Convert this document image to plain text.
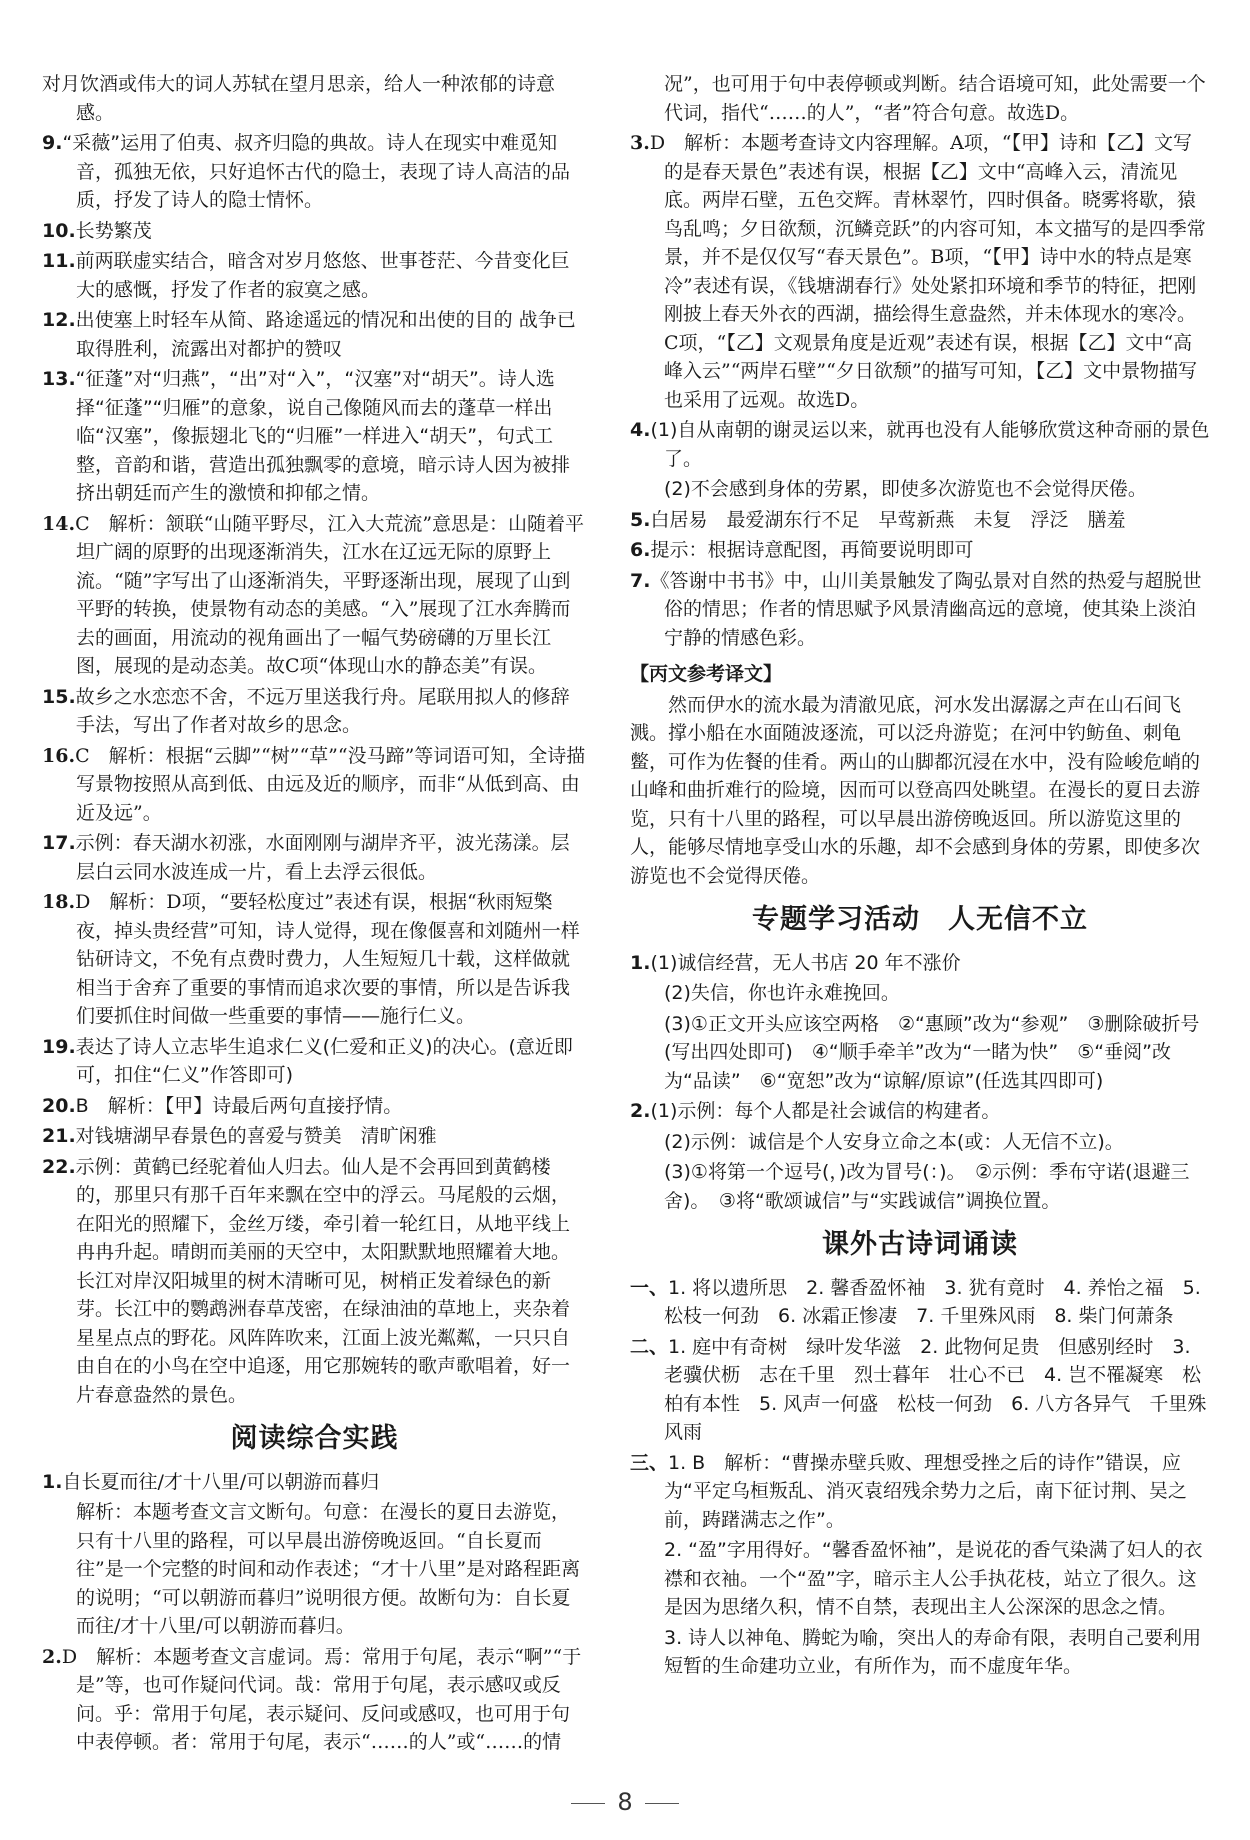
对月饮酒或伟大的词人苏轼在望月思亲，给人一种浓郁的诗意感。
9.“采薇”运用了伯夷、叔齐归隐的典故。诗人在现实中难觅知音，孤独无依，只好追怀古代的隐士，表现了诗人高洁的品质，抒发了诗人的隐士情怀。
10.长势繁茂
11.前两联虚实结合，暗含对岁月悠悠、世事苍茫、今昔变化巨大的感慨，抒发了作者的寂寞之感。
12.出使塞上时轻车从简、路途遥远的情况和出使的目的 战争已取得胜利，流露出对都护的赞叹
13.“征蓬”对“归燕”，“出”对“入”，“汉塞”对“胡天”。诗人选择“征蓬”“归雁”的意象，说自己像随风而去的蓬草一样出临“汉塞”，像振翅北飞的“归雁”一样进入“胡天”，句式工整，音韵和谐，营造出孤独飘零的意境，暗示诗人因为被排挤出朝廷而产生的激愤和抑郁之情。
14.C　解析：颔联“山随平野尽，江入大荒流”意思是：山随着平坦广阔的原野的出现逐渐消失，江水在辽远无际的原野上流。“随”字写出了山逐渐消失，平野逐渐出现，展现了山到平野的转换，使景物有动态的美感。“入”展现了江水奔腾而去的画面，用流动的视角画出了一幅气势磅礴的万里长江图，展现的是动态美。故C项“体现山水的静态美”有误。
15.故乡之水恋恋不舍，不远万里送我行舟。尾联用拟人的修辞手法，写出了作者对故乡的思念。
16.C　解析：根据“云脚”“树”“草”“没马蹄”等词语可知，全诗描写景物按照从高到低、由远及近的顺序，而非“从低到高、由近及远”。
17.示例：春天湖水初涨，水面刚刚与湖岸齐平，波光荡漾。层层白云同水波连成一片，看上去浮云很低。
18.D　解析：D项，“要轻松度过”表述有误，根据“秋雨短檠夜，掉头贵经营”可知，诗人觉得，现在像偃喜和刘随州一样钻研诗文，不免有点费时费力，人生短短几十载，这样做就相当于舍弃了重要的事情而追求次要的事情，所以是告诉我们要抓住时间做一些重要的事情——施行仁义。
19.表达了诗人立志毕生追求仁义(仁爱和正义)的决心。(意近即可，扣住“仁义”作答即可)
20.B　解析：【甲】诗最后两句直接抒情。
21.对钱塘湖早春景色的喜爱与赞美　清旷闲雅
22.示例：黄鹤已经驼着仙人归去。仙人是不会再回到黄鹤楼的，那里只有那千百年来飘在空中的浮云。马尾般的云烟，在阳光的照耀下，金丝万缕，牵引着一轮红日，从地平线上冉冉升起。晴朗而美丽的天空中，太阳默默地照耀着大地。长江对岸汉阳城里的树木清晰可见，树梢正发着绿色的新芽。长江中的鹦鹉洲春草茂密，在绿油油的草地上，夹杂着星星点点的野花。风阵阵吹来，江面上波光粼粼，一只只自由自在的小鸟在空中追逐，用它那婉转的歌声歌唱着，好一片春意盎然的景色。
阅读综合实践
1.自长夏而往/才十八里/可以朝游而暮归
解析：本题考查文言文断句。句意：在漫长的夏日去游览，只有十八里的路程，可以早晨出游傍晚返回。“自长夏而往”是一个完整的时间和动作表述；“才十八里”是对路程距离的说明；“可以朝游而暮归”说明很方便。故断句为：自长夏而往/才十八里/可以朝游而暮归。
2.D　解析：本题考查文言虚词。焉：常用于句尾，表示“啊”“于是”等，也可作疑问代词。哉：常用于句尾，表示感叹或反问。乎：常用于句尾，表示疑问、反问或感叹，也可用于句中表停顿。者：常用于句尾，表示“……的人”或“……的情
况”，也可用于句中表停顿或判断。结合语境可知，此处需要一个代词，指代“……的人”，“者”符合句意。故选D。
3.D　解析：本题考查诗文内容理解。A项，“【甲】诗和【乙】文写的是春天景色”表述有误，根据【乙】文中“高峰入云，清流见底。两岸石壁，五色交辉。青林翠竹，四时俱备。晓雾将歇，猿鸟乱鸣；夕日欲颓，沉鳞竞跃”的内容可知，本文描写的是四季常景，并不是仅仅写“春天景色”。B项，“【甲】诗中水的特点是寒冷”表述有误，《钱塘湖春行》处处紧扣环境和季节的特征，把刚刚披上春天外衣的西湖，描绘得生意盎然，并未体现水的寒冷。C项，“【乙】文观景角度是近观”表述有误，根据【乙】文中“高峰入云”“两岸石壁”“夕日欲颓”的描写可知，【乙】文中景物描写也采用了远观。故选D。
4.(1)自从南朝的谢灵运以来，就再也没有人能够欣赏这种奇丽的景色了。
(2)不会感到身体的劳累，即使多次游览也不会觉得厌倦。
5.白居易　最爱湖东行不足　早莺新燕　未复　浮泛　膳羞
6.提示：根据诗意配图，再简要说明即可
7.《答谢中书书》中，山川美景触发了陶弘景对自然的热爱与超脱世俗的情思；作者的情思赋予风景清幽高远的意境，使其染上淡泊宁静的情感色彩。
【丙文参考译文】
然而伊水的流水最为清澈见底，河水发出潺潺之声在山石间飞溅。撑小船在水面随波逐流，可以泛舟游览；在河中钓鲂鱼、刺龟鳖，可作为佐餐的佳肴。两山的山脚都沉浸在水中，没有险峻危峭的山峰和曲折难行的险境，因而可以登高四处眺望。在漫长的夏日去游览，只有十八里的路程，可以早晨出游傍晚返回。所以游览这里的人，能够尽情地享受山水的乐趣，却不会感到身体的劳累，即使多次游览也不会觉得厌倦。
专题学习活动　人无信不立
1.(1)诚信经营，无人书店 20 年不涨价
(2)失信，你也许永难挽回。
(3)①正文开头应该空两格　②“惠顾”改为“参观”　③删除破折号(写出四处即可)　④“顺手牵羊”改为“一睹为快”　⑤“垂阅”改为“品读”　⑥“宽恕”改为“谅解/原谅”(任选其四即可)
2.(1)示例：每个人都是社会诚信的构建者。
(2)示例：诚信是个人安身立命之本(或：人无信不立)。
(3)①将第一个逗号(，)改为冒号(：)。　②示例：季布守诺(退避三舍)。　③将“歌颂诚信”与“实践诚信”调换位置。
课外古诗词诵读
一、1. 将以遗所思　2. 馨香盈怀袖　3. 犹有竟时　4. 养怡之福　5. 松枝一何劲　6. 冰霜正惨凄　7. 千里殊风雨　8. 柴门何萧条
二、1. 庭中有奇树　绿叶发华滋　2. 此物何足贵　但感别经时　3. 老骥伏枥　志在千里　烈士暮年　壮心不已　4. 岂不罹凝寒　松柏有本性　5. 风声一何盛　松枝一何劲　6. 八方各异气　千里殊风雨
三、1. B　解析：“曹操赤壁兵败、理想受挫之后的诗作”错误，应为“平定乌桓叛乱、消灭袁绍残余势力之后，南下征讨荆、吴之前，踌躇满志之作”。
2. “盈”字用得好。“馨香盈怀袖”，是说花的香气染满了妇人的衣襟和衣袖。一个“盈”字，暗示主人公手执花枝，站立了很久。这是因为思绪久积，情不自禁，表现出主人公深深的思念之情。
3. 诗人以神龟、腾蛇为喻，突出人的寿命有限，表明自己要利用短暂的生命建功立业，有所作为，而不虚度年华。
8
